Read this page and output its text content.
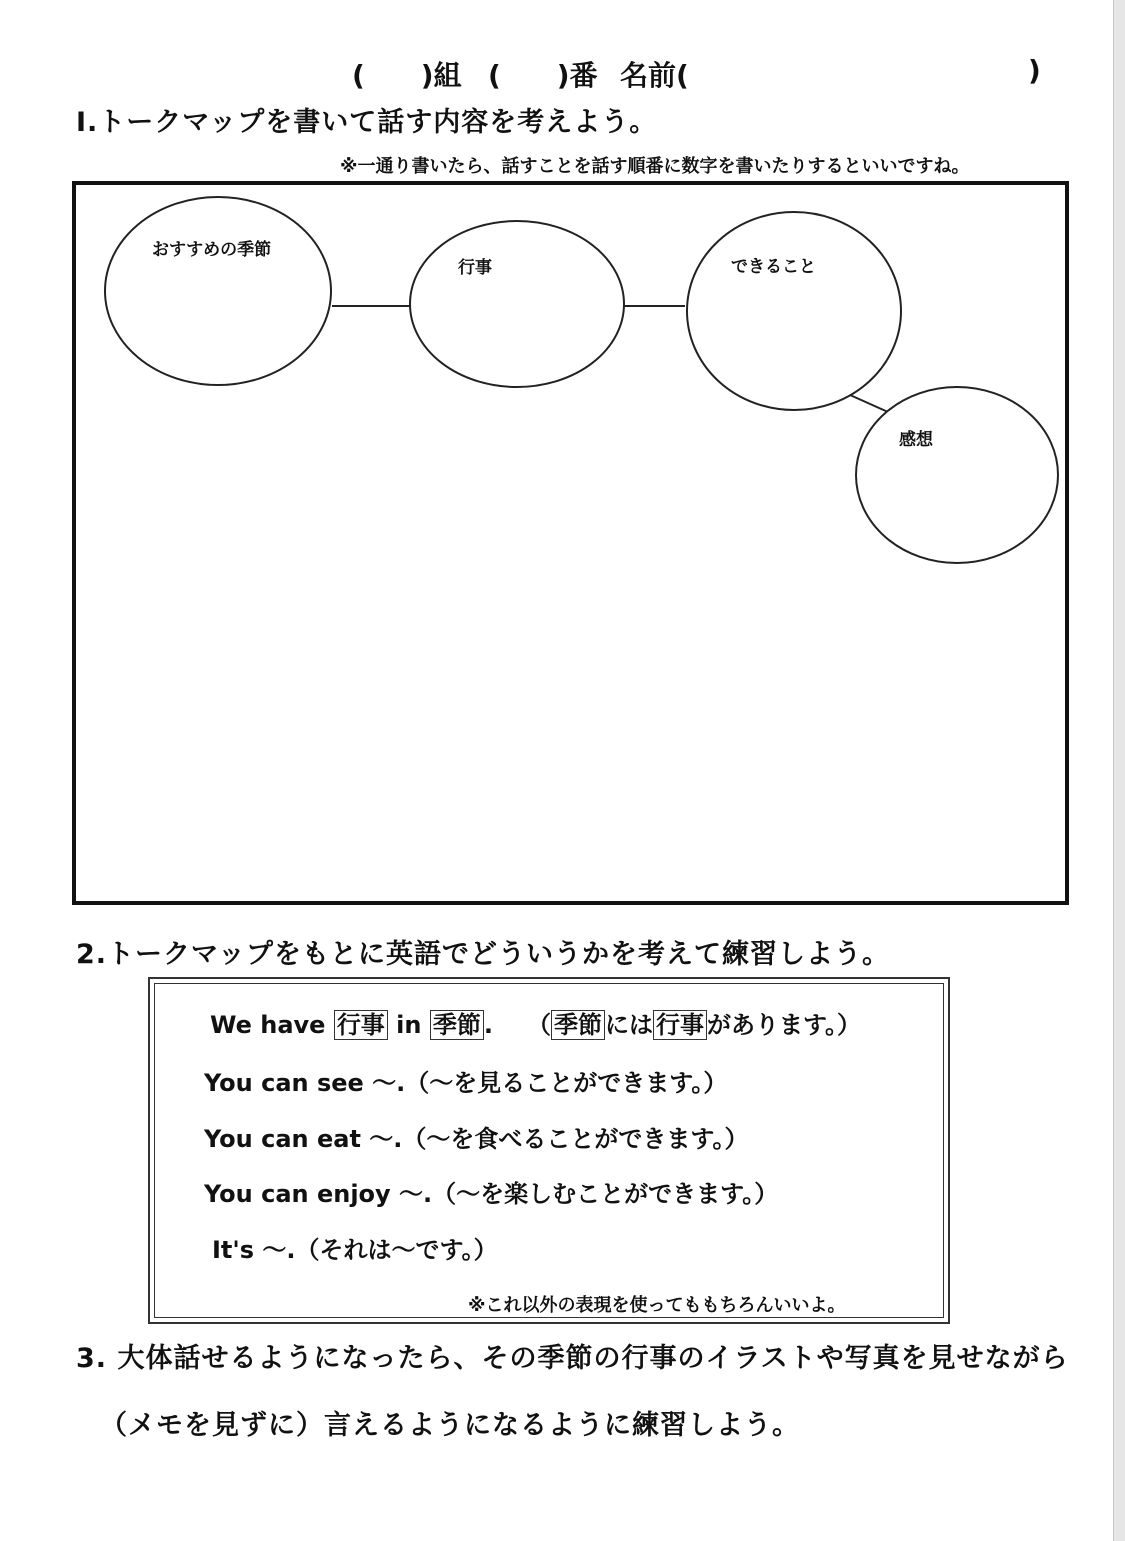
(　　)組 (　　)番 名前(	)
I.トークマップを書いて話す内容を考えよう。
※一通り書いたら、話すことを話す順番に数字を書いたりするといいですね。
おすすめの季節
行事	できること
感想
2.トークマップをもとに英語でどういうかを考えて練習しよう。
We have 行事 in 季節 . （ 季節 には 行事 があります。）
You can see ～.（～を見ることができます。）
You can eat ～.（～を食べることができます。）
You can enjoy ～.（～を楽しむことができます。）
It's ～.（それは～です。）
※これ以外の表現を使ってももちろんいいよ。
3. 大体話せるようになったら、その季節の行事のイラストや写真を見せながら
（メモを見ずに）言えるようになるように練習しよう。
